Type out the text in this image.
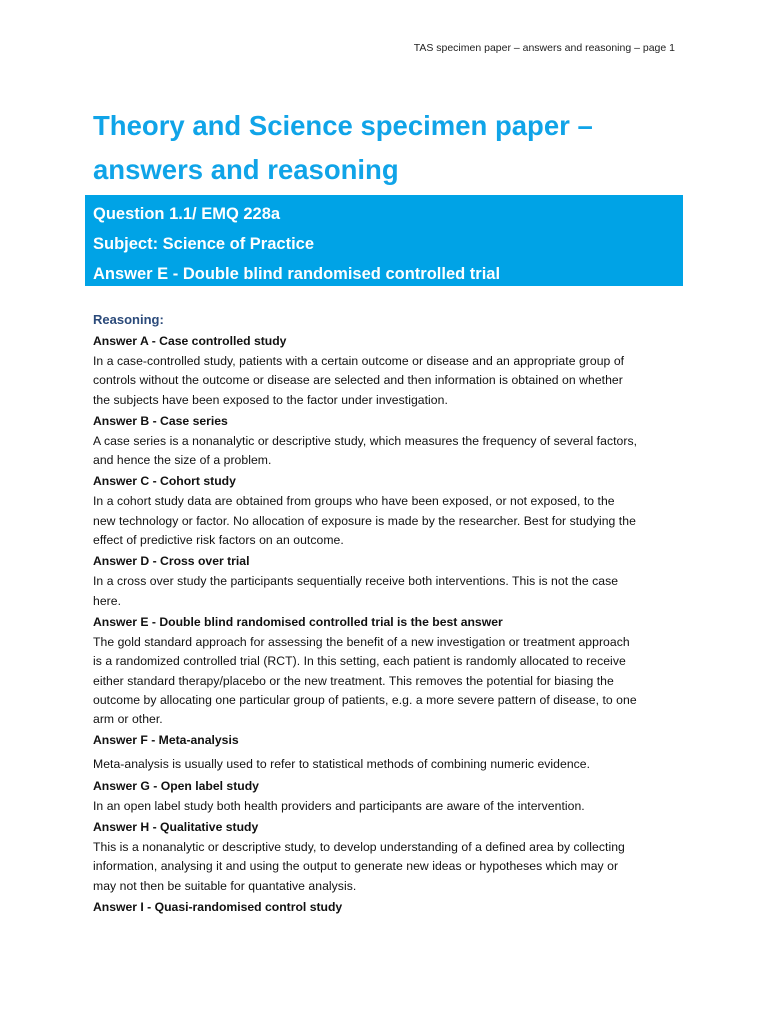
TAS specimen paper – answers and reasoning – page 1
Theory and Science specimen paper –
answers and reasoning
Question 1.1/ EMQ 228a
Subject: Science of Practice
Answer E - Double blind randomised controlled trial
Reasoning:
Answer A - Case controlled study
In a case-controlled study, patients with a certain outcome or disease and an appropriate group of
controls without the outcome or disease are selected and then information is obtained on whether
the subjects have been exposed to the factor under investigation.
Answer B - Case series
A case series is a nonanalytic or descriptive study, which measures the frequency of several factors,
and hence the size of a problem.
Answer C - Cohort study
In a cohort study data are obtained from groups who have been exposed, or not exposed, to the
new technology or factor. No allocation of exposure is made by the researcher. Best for studying the
effect of predictive risk factors on an outcome.
Answer D - Cross over trial
In a cross over study the participants sequentially receive both interventions. This is not the case
here.
Answer E - Double blind randomised controlled trial is the best answer
The gold standard approach for assessing the benefit of a new investigation or treatment approach
is a randomized controlled trial (RCT). In this setting, each patient is randomly allocated to receive
either standard therapy/placebo or the new treatment. This removes the potential for biasing the
outcome by allocating one particular group of patients, e.g. a more severe pattern of disease, to one
arm or other.
Answer F - Meta-analysis
Meta-analysis is usually used to refer to statistical methods of combining numeric evidence.
Answer G - Open label study
In an open label study both health providers and participants are aware of the intervention.
Answer H - Qualitative study
This is a nonanalytic or descriptive study, to develop understanding of a defined area by collecting
information, analysing it and using the output to generate new ideas or hypotheses which may or
may not then be suitable for quantative analysis.
Answer I - Quasi-randomised control study
